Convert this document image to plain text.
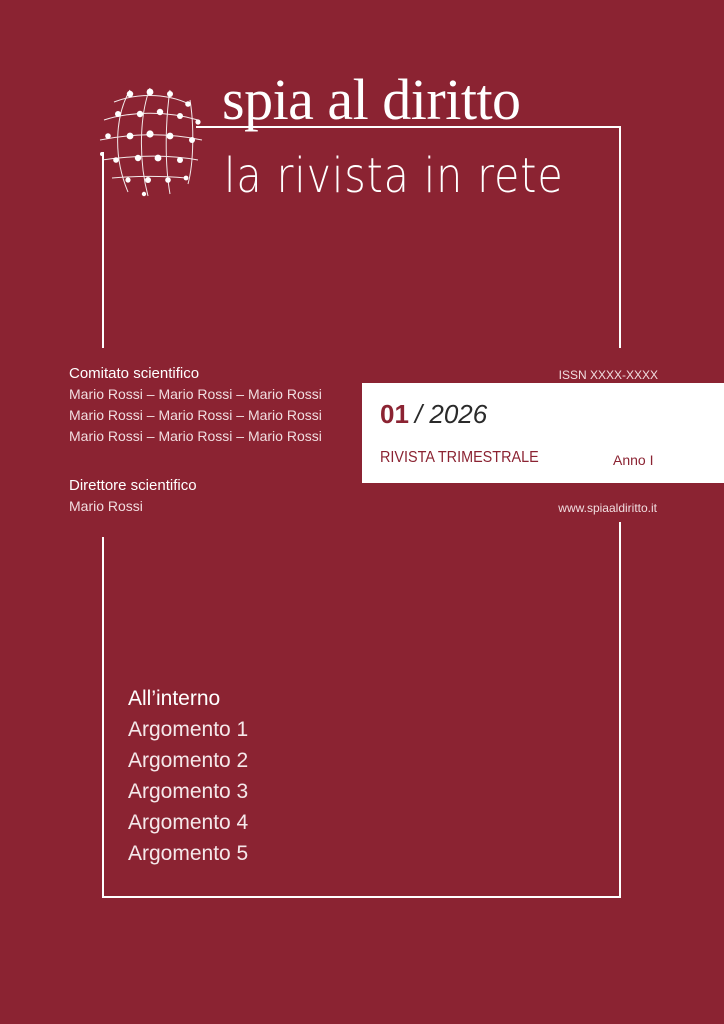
spia al diritto
la rivista in rete

Comitato scientifico

Mario Rossi – Mario Rossi – Mario Rossi

Mario Rossi – Mario Rossi – Mario Rossi

Mario Rossi – Mario Rossi – Mario Rossi

Direttore scientifico

Mario Rossi

ISSN XXXX-XXXX
01 / 2026
RIVISTA TRIMESTRALE	Anno I
www.spiaaldiritto.it

All’interno

Argomento 1

Argomento 2

Argomento 3

Argomento 4

Argomento 5
